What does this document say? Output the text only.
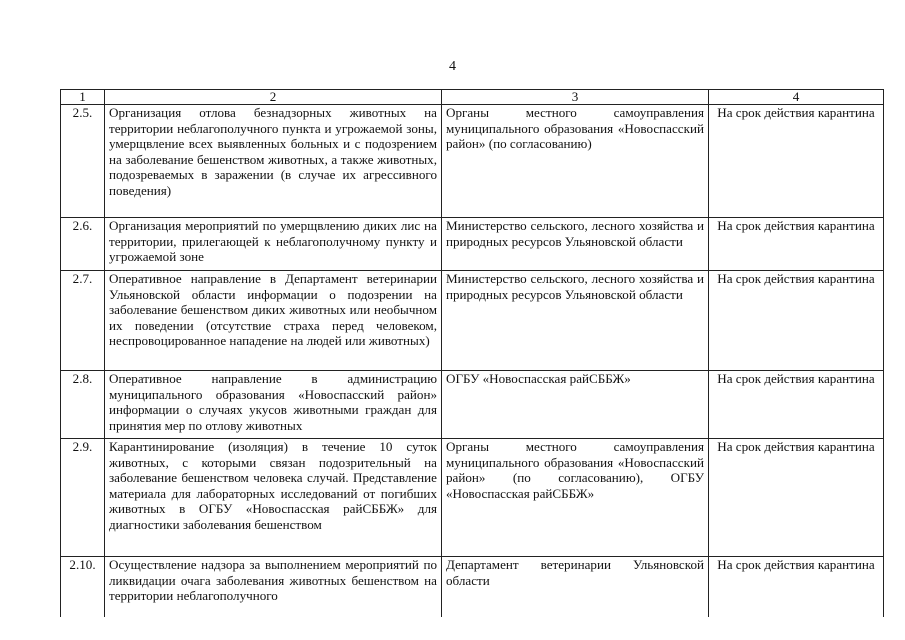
4
1	2	3	4
2.5.	Организация отлова безнадзорных животных на территории неблагополучного пункта и угрожаемой зоны, умерщвление всех выявленных больных и с подозрением на заболевание бешенством животных, а также животных, подозреваемых в заражении (в случае их агрессивного поведения)	Органы местного самоуправления муниципального образования «Новоспасский район» (по согласованию)	На срок действия карантина
2.6.	Организация мероприятий по умерщвлению диких лис на территории, прилегающей к неблагополучному пункту и угрожаемой зоне	Министерство сельского, лесного хозяйства и природных ресурсов Ульяновской области	На срок действия карантина
2.7.	Оперативное направление в Департамент ветеринарии Ульяновской области информации о подозрении на заболевание бешенством диких животных или необычном их поведении (отсутствие страха перед человеком, неспровоцированное нападение на людей или животных)	Министерство сельского, лесного хозяйства и природных ресурсов Ульяновской области	На срок действия карантина
2.8.	Оперативное направление в администрацию муниципального образования «Новоспасский район» информации о случаях укусов животными граждан для принятия мер по отлову животных	ОГБУ «Новоспасская райСББЖ»	На срок действия карантина
2.9.	Карантинирование (изоляция) в течение 10 суток животных, с которыми связан подозрительный на заболевание бешенством человека случай. Представление материала для лабораторных исследований от погибших животных в ОГБУ «Новоспасская райСББЖ» для диагностики заболевания бешенством	Органы местного самоуправления муниципального образования «Новоспасский район» (по согласованию), ОГБУ «Новоспасская райСББЖ»	На срок действия карантина
2.10.	Осуществление надзора за выполнением мероприятий по ликвидации очага заболевания животных бешенством на территории неблагополучного	Департамент ветеринарии Ульяновской области	На срок действия карантина
